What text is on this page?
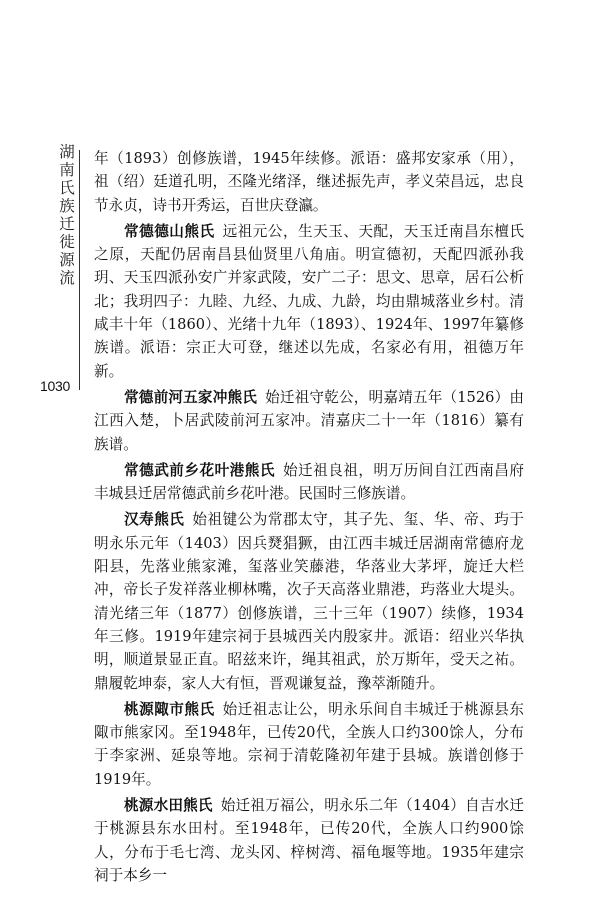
湖南氏族迁徙源流
1030

年（1893）创修族谱，1945年续修。派语：盛邦安家承（用），祖（绍）廷道孔明，丕隆光绪泽，继述振先声，孝义荣昌远，忠良节永贞，诗书开秀运，百世庆登瀛。

常德德山熊氏 远祖元公，生天玉、天配，天玉迁南昌东檀氏之原，天配仍居南昌县仙贤里八角庙。明宣德初，天配四派孙我玥、天玉四派孙安广并家武陵，安广二子：思文、思章，居石公析北；我玥四子：九睦、九经、九成、九龄，均由鼎城落业乡村。清咸丰十年（1860）、光绪十九年（1893）、1924年、1997年纂修族谱。派语：宗正大可登，继述以先成，名家必有用，祖德万年新。

常德前河五家冲熊氏 始迁祖守乾公，明嘉靖五年（1526）由江西入楚，卜居武陵前河五家冲。清嘉庆二十一年（1816）纂有族谱。

常德武前乡花叶港熊氏 始迁祖良祖，明万历间自江西南昌府丰城县迁居常德武前乡花叶港。民国时三修族谱。

汉寿熊氏 始祖键公为常郡太守，其子先、玺、华、帝、玙于明永乐元年（1403）因兵燹猖獗，由江西丰城迁居湖南常德府龙阳县，先落业熊家滩，玺落业笑藤港，华落业大茅坪，旋迁大栏冲，帝长子发祥落业柳林嘴，次子天高落业鼎港，玙落业大堤头。清光绪三年（1877）创修族谱，三十三年（1907）续修，1934年三修。1919年建宗祠于县城西关内殷家井。派语：绍业兴华执明，顺道景显正直。昭兹来许，绳其祖武，於万斯年，受天之祐。鼎履乾坤泰，家人大有恒，晋观谦复益，豫萃渐随升。

桃源陬市熊氏 始迁祖志让公，明永乐间自丰城迁于桃源县东陬市熊家冈。至1948年，已传20代，全族人口约300馀人，分布于李家洲、延泉等地。宗祠于清乾隆初年建于县城。族谱创修于1919年。

桃源水田熊氏 始迁祖万福公，明永乐二年（1404）自吉水迁于桃源县东水田村。至1948年，已传20代，全族人口约900馀人，分布于毛七湾、龙头冈、梓树湾、福龟堰等地。1935年建宗祠于本乡一
